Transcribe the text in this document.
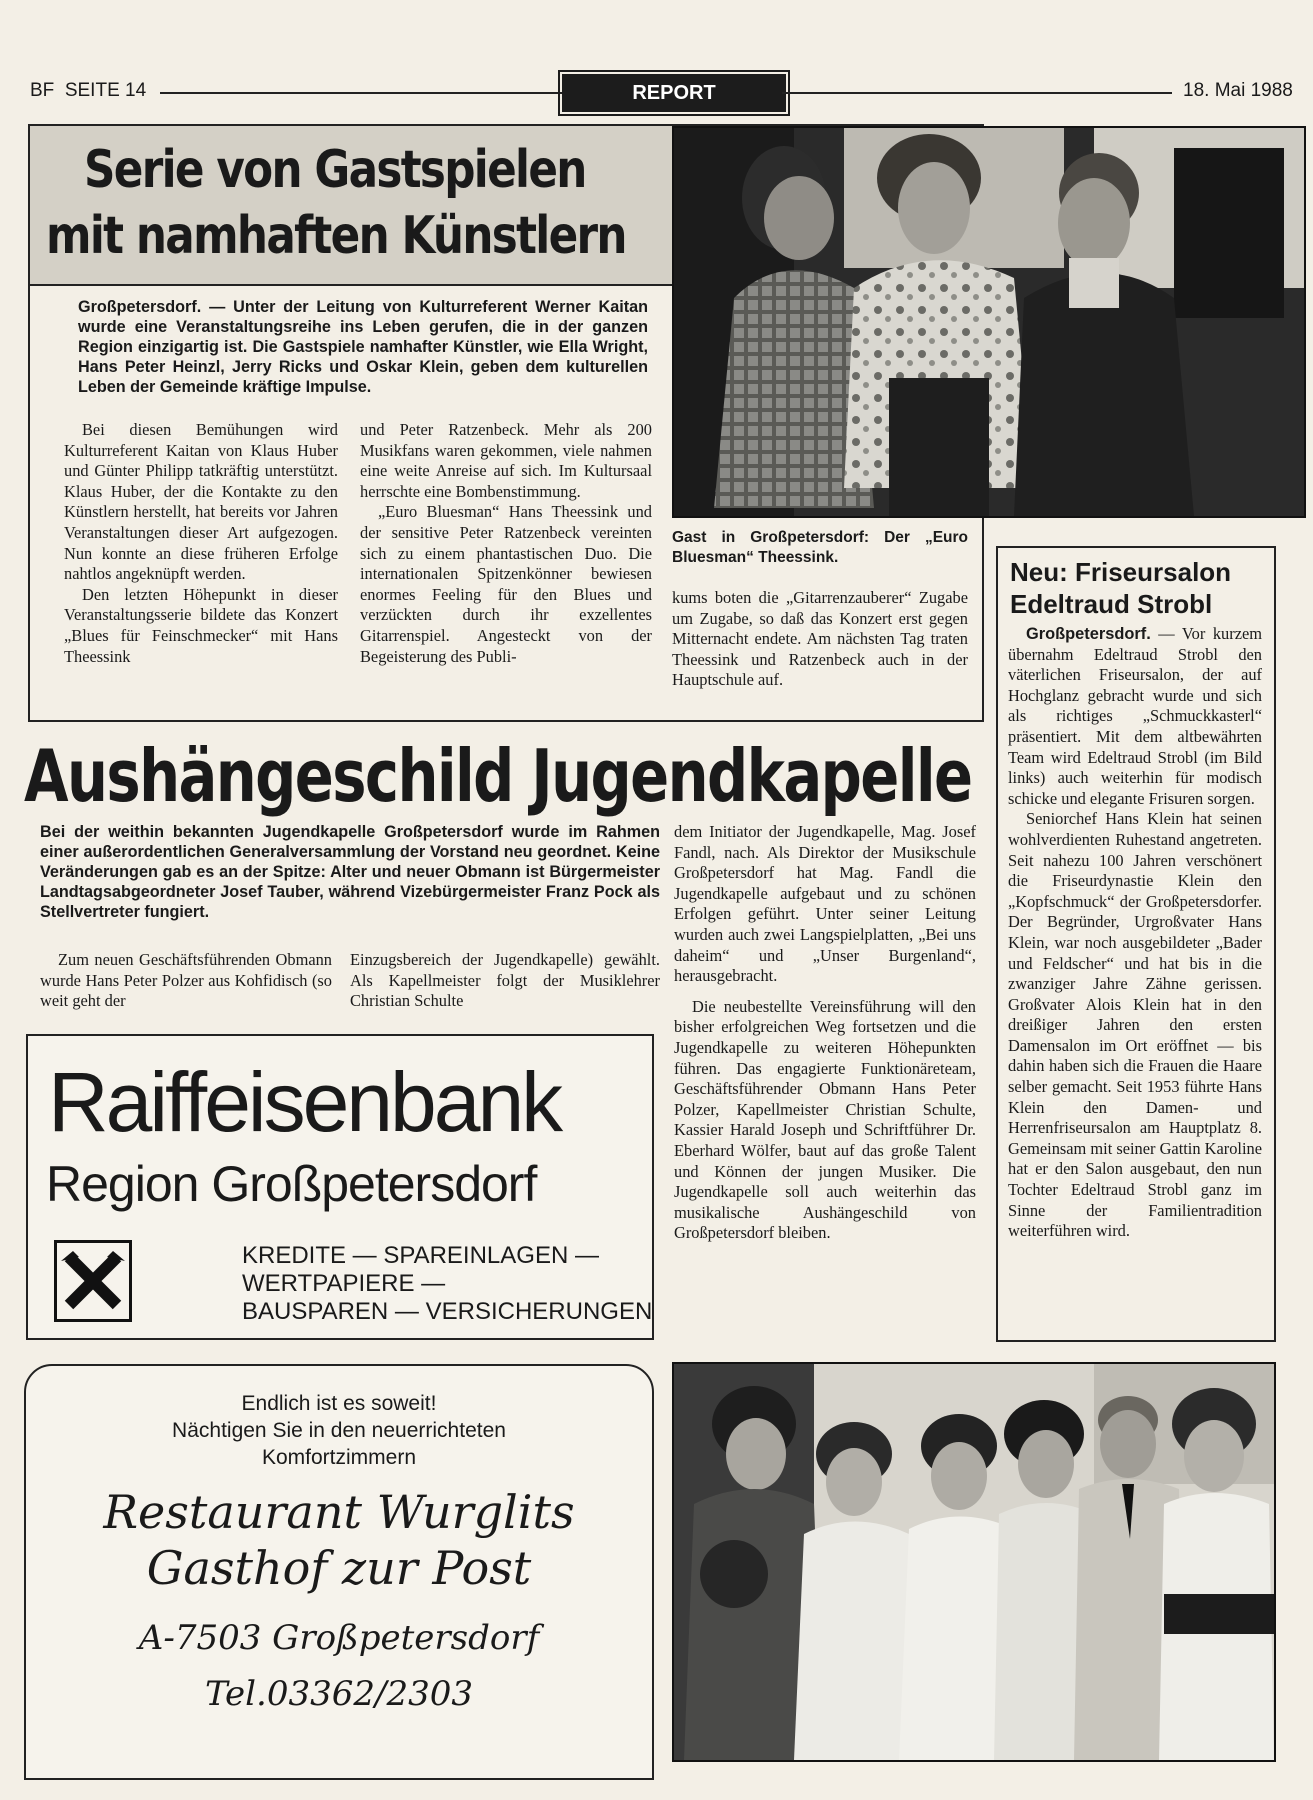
BF  SEITE 14	REPORT	18. Mai 1988
Serie von Gastspielen
mit namhaften Künstlern
Großpetersdorf. — Unter der Leitung von Kulturreferent Werner Kaitan wurde eine Veranstaltungsreihe ins Leben gerufen, die in der ganzen Region einzigartig ist. Die Gastspiele namhafter Künstler, wie Ella Wright, Hans Peter Heinzl, Jerry Ricks und Oskar Klein, geben dem kulturellen Leben der Gemeinde kräftige Impulse.

Bei diesen Bemühungen wird Kulturreferent Kaitan von Klaus Huber und Günter Philipp tatkräftig unterstützt. Klaus Huber, der die Kontakte zu den Künstlern herstellt, hat bereits vor Jahren Veranstaltungen dieser Art aufgezogen. Nun konnte an diese früheren Erfolge nahtlos angeknüpft werden.

Den letzten Höhepunkt in dieser Veranstaltungsserie bildete das Konzert „Blues für Feinschmecker“ mit Hans Theessink

und Peter Ratzenbeck. Mehr als 200 Musikfans waren gekommen, viele nahmen eine weite Anreise auf sich. Im Kultursaal herrschte eine Bombenstimmung.

„Euro Bluesman“ Hans Theessink und der sensitive Peter Ratzenbeck vereinten sich zu einem phantastischen Duo. Die internationalen Spitzenkönner bewiesen enormes Feeling für den Blues und verzückten durch ihr exzellentes Gitarrenspiel. Angesteckt von der Begeisterung des Publi-

Gast in Großpetersdorf: Der „Euro Bluesman“ Theessink.

kums boten die „Gitarrenzauberer“ Zugabe um Zugabe, so daß das Konzert erst gegen Mitternacht endete. Am nächsten Tag traten Theessink und Ratzenbeck auch in der Hauptschule auf.

Neu: Friseursalon
Edeltraud Strobl

Großpetersdorf. — Vor kurzem übernahm Edeltraud Strobl den väterlichen Friseursalon, der auf Hochglanz gebracht wurde und sich als richtiges „Schmuckkasterl“ präsentiert. Mit dem altbewährten Team wird Edeltraud Strobl (im Bild links) auch weiterhin für modisch schicke und elegante Frisuren sorgen.

Seniorchef Hans Klein hat seinen wohlverdienten Ruhestand angetreten. Seit nahezu 100 Jahren verschönert die Friseurdynastie Klein den „Kopfschmuck“ der Großpetersdorfer. Der Begründer, Urgroßvater Hans Klein, war noch ausgebildeter „Bader und Feldscher“ und hat bis in die zwanziger Jahre Zähne gerissen. Großvater Alois Klein hat in den dreißiger Jahren den ersten Damensalon im Ort eröffnet — bis dahin haben sich die Frauen die Haare selber gemacht. Seit 1953 führte Hans Klein den Damen- und Herrenfriseursalon am Hauptplatz 8. Gemeinsam mit seiner Gattin Karoline hat er den Salon ausgebaut, den nun Tochter Edeltraud Strobl ganz im Sinne der Familientradition weiterführen wird.

Aushängeschild Jugendkapelle
Bei der weithin bekannten Jugendkapelle Großpetersdorf wurde im Rahmen einer außerordentlichen Generalversammlung der Vorstand neu geordnet. Keine Veränderungen gab es an der Spitze: Alter und neuer Obmann ist Bürgermeister Landtagsabgeordneter Josef Tauber, während Vizebürgermeister Franz Pock als Stellvertreter fungiert.

Zum neuen Geschäftsführenden Obmann wurde Hans Peter Polzer aus Kohfidisch (so weit geht der

Einzugsbereich der Jugendkapelle) gewählt. Als Kapellmeister folgt der Musiklehrer Christian Schulte

dem Initiator der Jugendkapelle, Mag. Josef Fandl, nach. Als Direktor der Musikschule Großpetersdorf hat Mag. Fandl die Jugendkapelle aufgebaut und zu schönen Erfolgen geführt. Unter seiner Leitung wurden auch zwei Langspielplatten, „Bei uns daheim“ und „Unser Burgenland“, herausgebracht.

Die neubestellte Vereinsführung will den bisher erfolgreichen Weg fortsetzen und die Jugendkapelle zu weiteren Höhepunkten führen. Das engagierte Funktionäreteam, Geschäftsführender Obmann Hans Peter Polzer, Kapellmeister Christian Schulte, Kassier Harald Joseph und Schriftführer Dr. Eberhard Wölfer, baut auf das große Talent und Können der jungen Musiker. Die Jugendkapelle soll auch weiterhin das musikalische Aushängeschild von Großpetersdorf bleiben.

Raiffeisenbank
Region Großpetersdorf
KREDITE — SPAREINLAGEN —
WERTPAPIERE —
BAUSPAREN — VERSICHERUNGEN
Endlich ist es soweit!
Nächtigen Sie in den neuerrichteten
Komfortzimmern
Restaurant Wurglits
Gasthof zur Post
A-7503 Großpetersdorf
Tel.03362/2303
